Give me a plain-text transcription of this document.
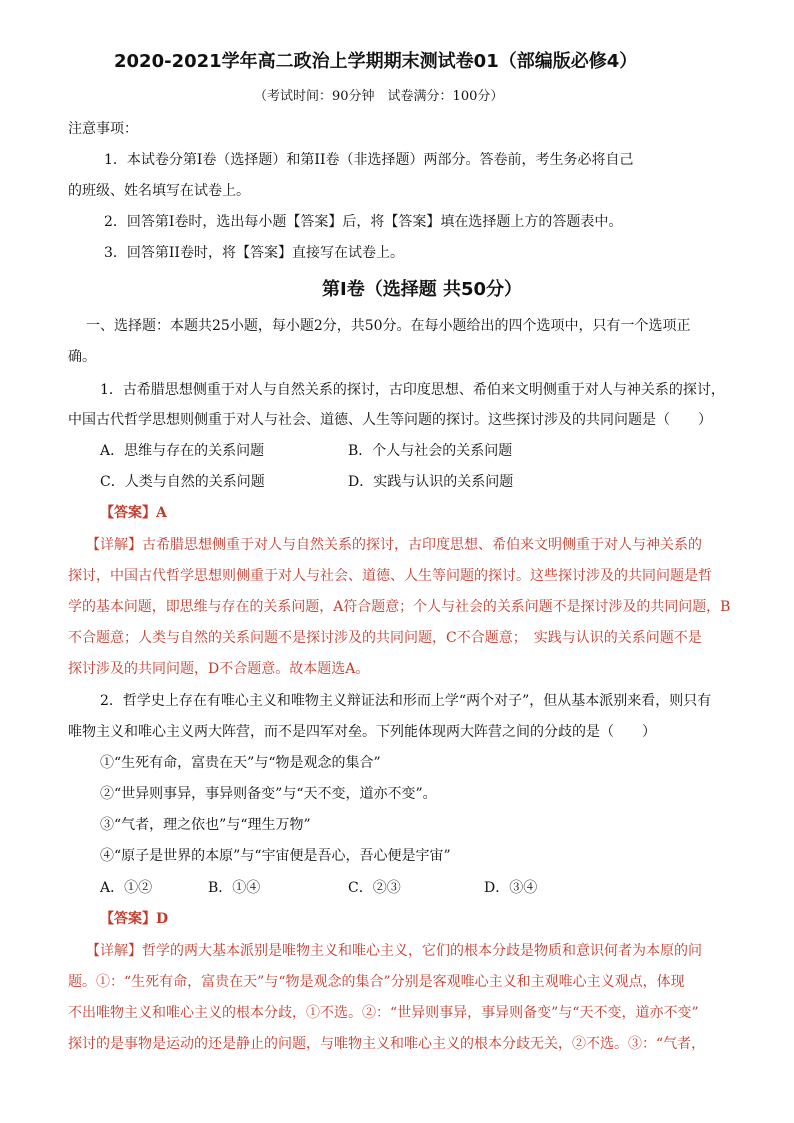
2020-2021学年高二政治上学期期末测试卷01（部编版必修4）
（考试时间：90分钟　试卷满分：100分）
注意事项：
1．本试卷分第I卷（选择题）和第II卷（非选择题）两部分。答卷前，考生务必将自己
的班级、姓名填写在试卷上。
2．回答第I卷时，选出每小题【答案】后，将【答案】填在选择题上方的答题表中。
3．回答第II卷时，将【答案】直接写在试卷上。
第I卷（选择题 共50分）
一、选择题：本题共25小题，每小题2分，共50分。在每小题给出的四个选项中，只有一个选项正
确。
1．古希腊思想侧重于对人与自然关系的探讨，古印度思想、希伯来文明侧重于对人与神关系的探讨，
中国古代哲学思想则侧重于对人与社会、道德、人生等问题的探讨。这些探讨涉及的共同问题是（　　）
A．思维与存在的关系问题	B．个人与社会的关系问题
C．人类与自然的关系问题	D．实践与认识的关系问题
【答案】A
【详解】古希腊思想侧重于对人与自然关系的探讨，古印度思想、希伯来文明侧重于对人与神关系的
探讨，中国古代哲学思想则侧重于对人与社会、道德、人生等问题的探讨。这些探讨涉及的共同问题是哲
学的基本问题，即思维与存在的关系问题，A符合题意；个人与社会的关系问题不是探讨涉及的共同问题，B
不合题意；人类与自然的关系问题不是探讨涉及的共同问题，C不合题意；　实践与认识的关系问题不是
探讨涉及的共同问题，D不合题意。故本题选A。
2．哲学史上存在有唯心主义和唯物主义辩证法和形而上学“两个对子”，但从基本派别来看，则只有
唯物主义和唯心主义两大阵营，而不是四军对垒。下列能体现两大阵营之间的分歧的是（　　）
①“生死有命，富贵在天”与“物是观念的集合”
②“世异则事异，事异则备变”与“天不变，道亦不变”。
③“气者，理之依也”与“理生万物”
④“原子是世界的本原”与“宇宙便是吾心，吾心便是宇宙”
A．①②	B．①④	C．②③	D．③④
【答案】D
【详解】哲学的两大基本派别是唯物主义和唯心主义，它们的根本分歧是物质和意识何者为本原的问
题。①：“生死有命，富贵在天”与“物是观念的集合”分别是客观唯心主义和主观唯心主义观点，体现
不出唯物主义和唯心主义的根本分歧，①不选。②：“世异则事异，事异则备变”与“天不变，道亦不变”
探讨的是事物是运动的还是静止的问题，与唯物主义和唯心主义的根本分歧无关，②不选。③：“气者，
